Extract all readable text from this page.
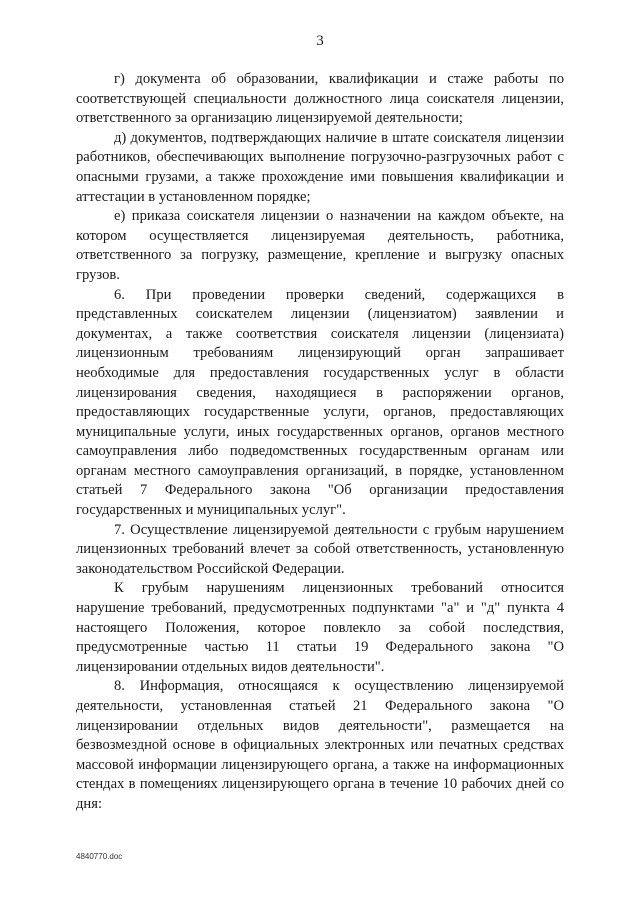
3

г) документа об образовании, квалификации и стаже работы по соответствующей специальности должностного лица соискателя лицензии, ответственного за организацию лицензируемой деятельности;

д) документов, подтверждающих наличие в штате соискателя лицензии работников, обеспечивающих выполнение погрузочно-разгрузочных работ с опасными грузами, а также прохождение ими повышения квалификации и аттестации в установленном порядке;

е) приказа соискателя лицензии о назначении на каждом объекте, на котором осуществляется лицензируемая деятельность, работника, ответственного за погрузку, размещение, крепление и выгрузку опасных грузов.

6. При проведении проверки сведений, содержащихся в представленных соискателем лицензии (лицензиатом) заявлении и документах, а также соответствия соискателя лицензии (лицензиата) лицензионным требованиям лицензирующий орган запрашивает необходимые для предоставления государственных услуг в области лицензирования сведения, находящиеся в распоряжении органов, предоставляющих государственные услуги, органов, предоставляющих муниципальные услуги, иных государственных органов, органов местного самоуправления либо подведомственных государственным органам или органам местного самоуправления организаций, в порядке, установленном статьей 7 Федерального закона "Об организации предоставления государственных и муниципальных услуг".

7. Осуществление лицензируемой деятельности с грубым нарушением лицензионных требований влечет за собой ответственность, установленную законодательством Российской Федерации.

К грубым нарушениям лицензионных требований относится нарушение требований, предусмотренных подпунктами "а" и "д" пункта 4 настоящего Положения, которое повлекло за собой последствия, предусмотренные частью 11 статьи 19 Федерального закона "О лицензировании отдельных видов деятельности".

8. Информация, относящаяся к осуществлению лицензируемой деятельности, установленная статьей 21 Федерального закона "О лицензировании отдельных видов деятельности", размещается на безвозмездной основе в официальных электронных или печатных средствах массовой информации лицензирующего органа, а также на информационных стендах в помещениях лицензирующего органа в течение 10 рабочих дней со дня:

4840770.doc
